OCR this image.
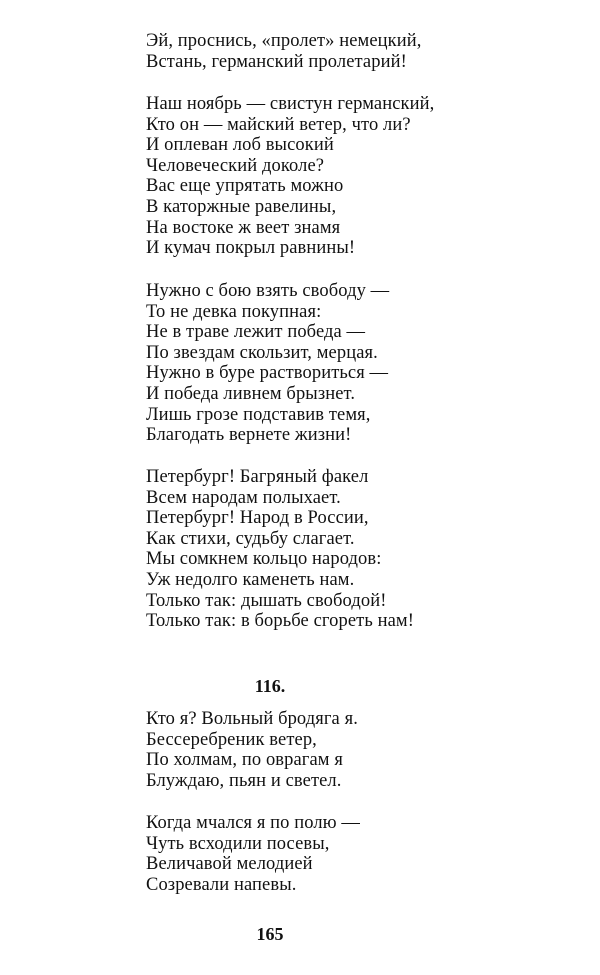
Эй, проснись, «пролет» немецкий,
Встань, германский пролетарий!
Наш ноябрь — свистун германский,
Кто он — майский ветер, что ли?
И оплеван лоб высокий
Человеческий доколе?
Вас еще упрятать можно
В каторжные равелины,
На востоке ж веет знамя
И кумач покрыл равнины!
Нужно с бою взять свободу —
То не девка покупная:
Не в траве лежит победа —
По звездам скользит, мерцая.
Нужно в буре раствориться —
И победа ливнем брызнет.
Лишь грозе подставив темя,
Благодать вернете жизни!
Петербург! Багряный факел
Всем народам полыхает.
Петербург! Народ в России,
Как стихи, судьбу слагает.
Мы сомкнем кольцо народов:
Уж недолго каменеть нам.
Только так: дышать свободой!
Только так: в борьбе сгореть нам!
116.
Кто я? Вольный бродяга я.
Бессеребреник ветер,
По холмам, по оврагам я
Блуждаю, пьян и светел.
Когда мчался я по полю —
Чуть всходили посевы,
Величавой мелодией
Созревали напевы.
165
